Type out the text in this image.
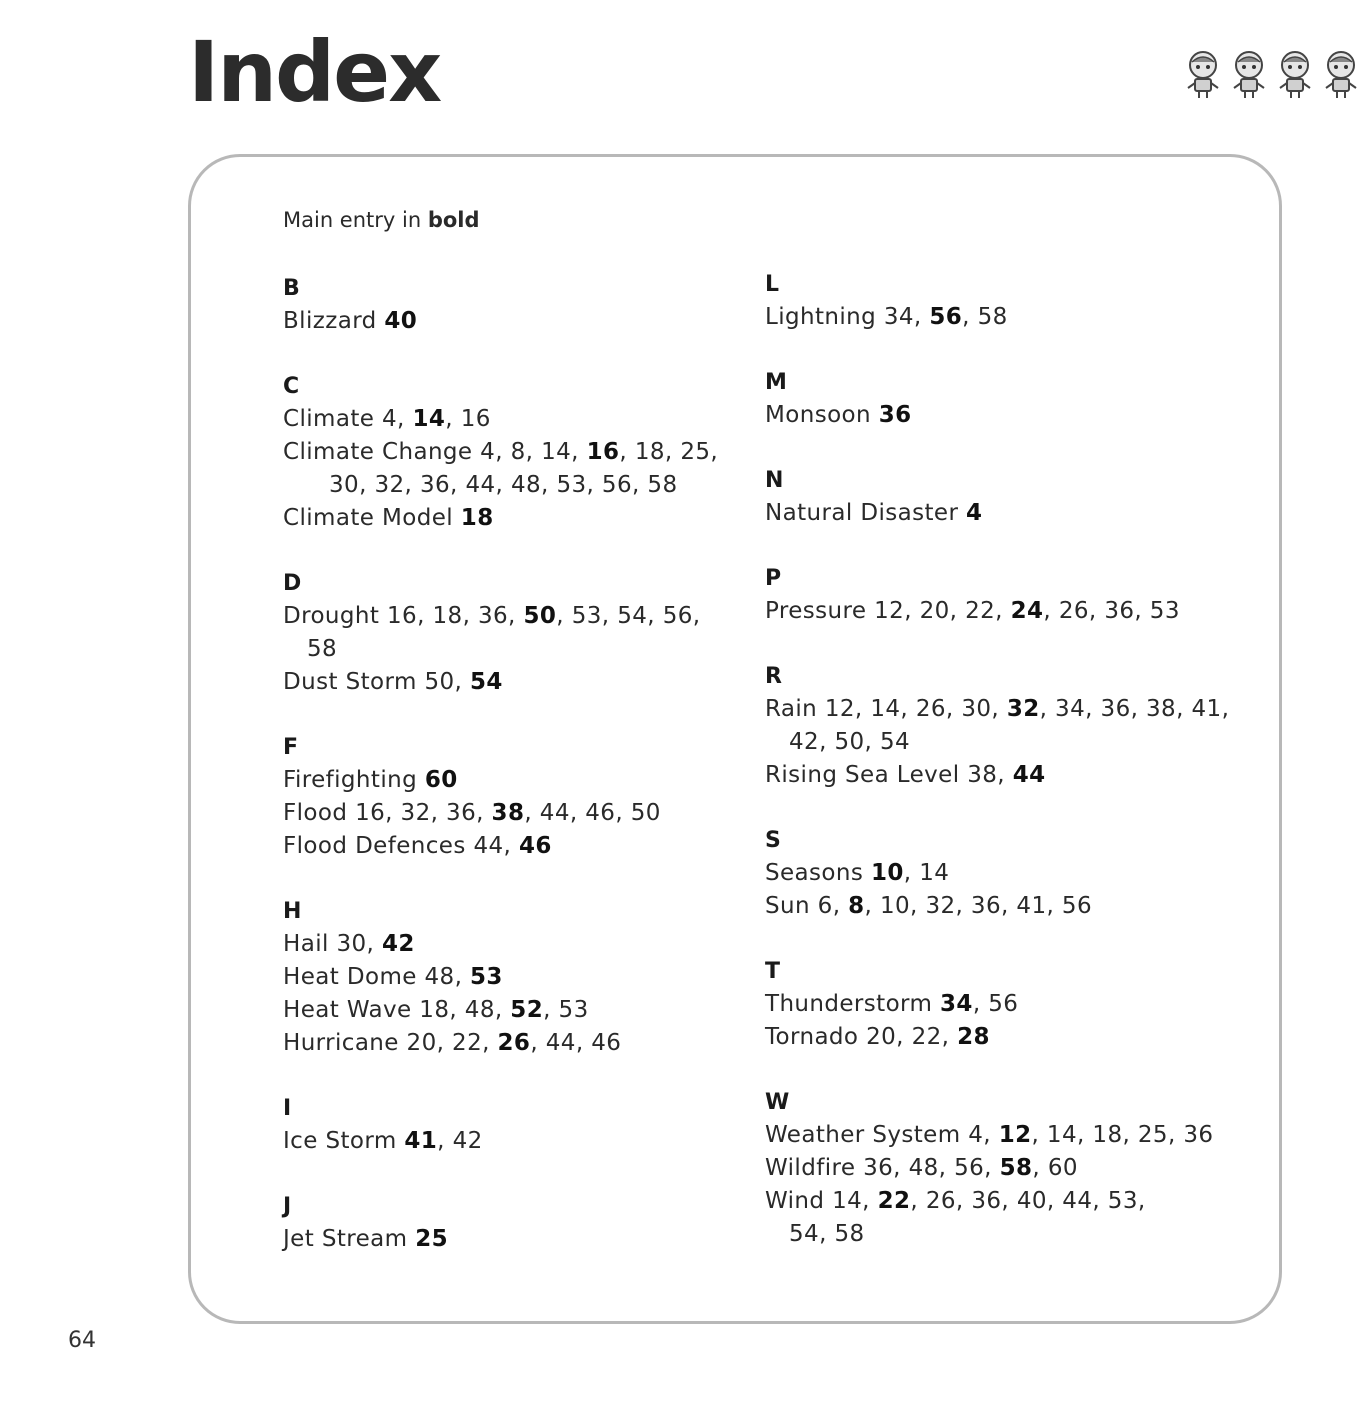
Index
Main entry in bold
B
Blizzard 40
C
Climate 4, 14, 16
Climate Change 4, 8, 14, 16, 18, 25,
30, 32, 36, 44, 48, 53, 56, 58
Climate Model 18
D
Drought 16, 18, 36, 50, 53, 54, 56,
58
Dust Storm 50, 54
F
Firefighting 60
Flood 16, 32, 36, 38, 44, 46, 50
Flood Defences 44, 46
H
Hail 30, 42
Heat Dome 48, 53
Heat Wave 18, 48, 52, 53
Hurricane 20, 22, 26, 44, 46
I
Ice Storm 41, 42
J
Jet Stream 25
L
Lightning 34, 56, 58
M
Monsoon 36
N
Natural Disaster 4
P
Pressure 12, 20, 22, 24, 26, 36, 53
R
Rain 12, 14, 26, 30, 32, 34, 36, 38, 41,
42, 50, 54
Rising Sea Level 38, 44
S
Seasons 10, 14
Sun 6, 8, 10, 32, 36, 41, 56
T
Thunderstorm 34, 56
Tornado 20, 22, 28
W
Weather System 4, 12, 14, 18, 25, 36
Wildfire 36, 48, 56, 58, 60
Wind 14, 22, 26, 36, 40, 44, 53,
54, 58
64
